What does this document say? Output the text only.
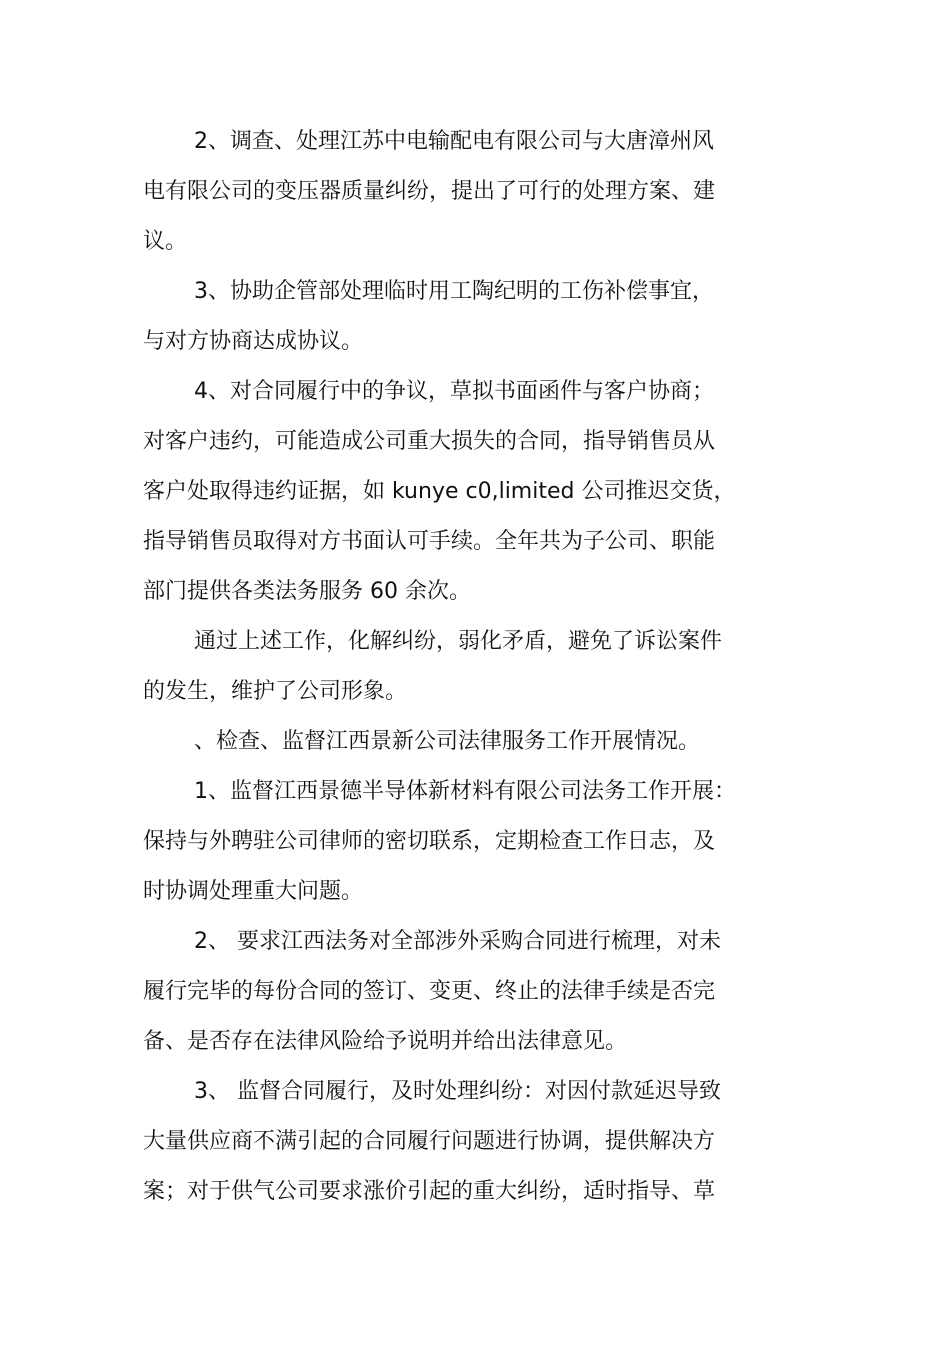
2、调查、处理江苏中电输配电有限公司与大唐漳州风
电有限公司的变压器质量纠纷，提出了可行的处理方案、建
议。
3、协助企管部处理临时用工陶纪明的工伤补偿事宜，
与对方协商达成协议。
4、对合同履行中的争议，草拟书面函件与客户协商；
对客户违约，可能造成公司重大损失的合同，指导销售员从
客户处取得违约证据，如 kunye c0,limited 公司推迟交货，
指导销售员取得对方书面认可手续。全年共为子公司、职能
部门提供各类法务服务 60 余次。
通过上述工作，化解纠纷，弱化矛盾，避免了诉讼案件
的发生，维护了公司形象。
、检查、监督江西景新公司法律服务工作开展情况。
1、监督江西景德半导体新材料有限公司法务工作开展：
保持与外聘驻公司律师的密切联系，定期检查工作日志，及
时协调处理重大问题。
2、 要求江西法务对全部涉外采购合同进行梳理，对未
履行完毕的每份合同的签订、变更、终止的法律手续是否完
备、是否存在法律风险给予说明并给出法律意见。
3、 监督合同履行，及时处理纠纷：对因付款延迟导致
大量供应商不满引起的合同履行问题进行协调，提供解决方
案；对于供气公司要求涨价引起的重大纠纷，适时指导、草
